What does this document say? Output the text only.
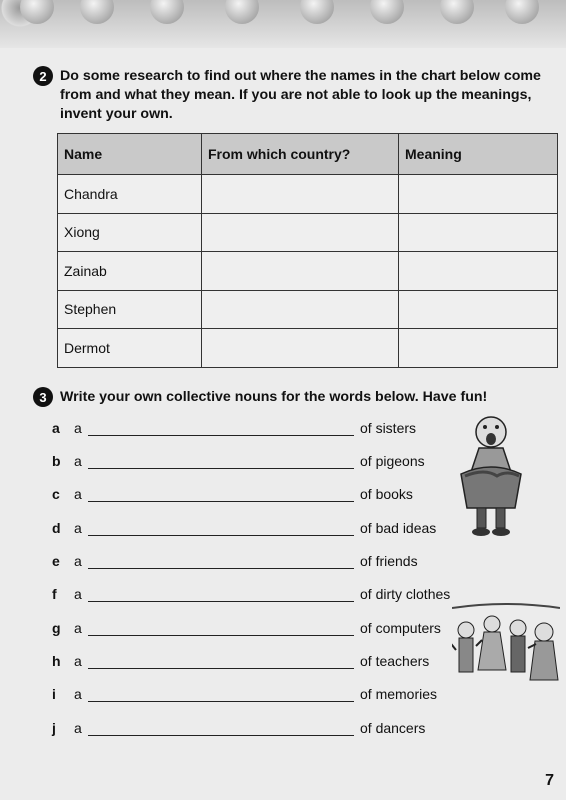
2 Do some research to find out where the names in the chart below come from and what they mean. If you are not able to look up the meanings, invent your own.
Name	From which country?	Meaning
Chandra		
Xiong		
Zainab		
Stephen		
Dermot		
3 Write your own collective nouns for the words below. Have fun!
a	a	of sisters
b a	of pigeons
c	a	of books
d a	of bad ideas
e	a	of friends
f	a	of dirty clothes
g a	of computers
h a	of teachers
i	a	of memories
j	a	of dancers
7
